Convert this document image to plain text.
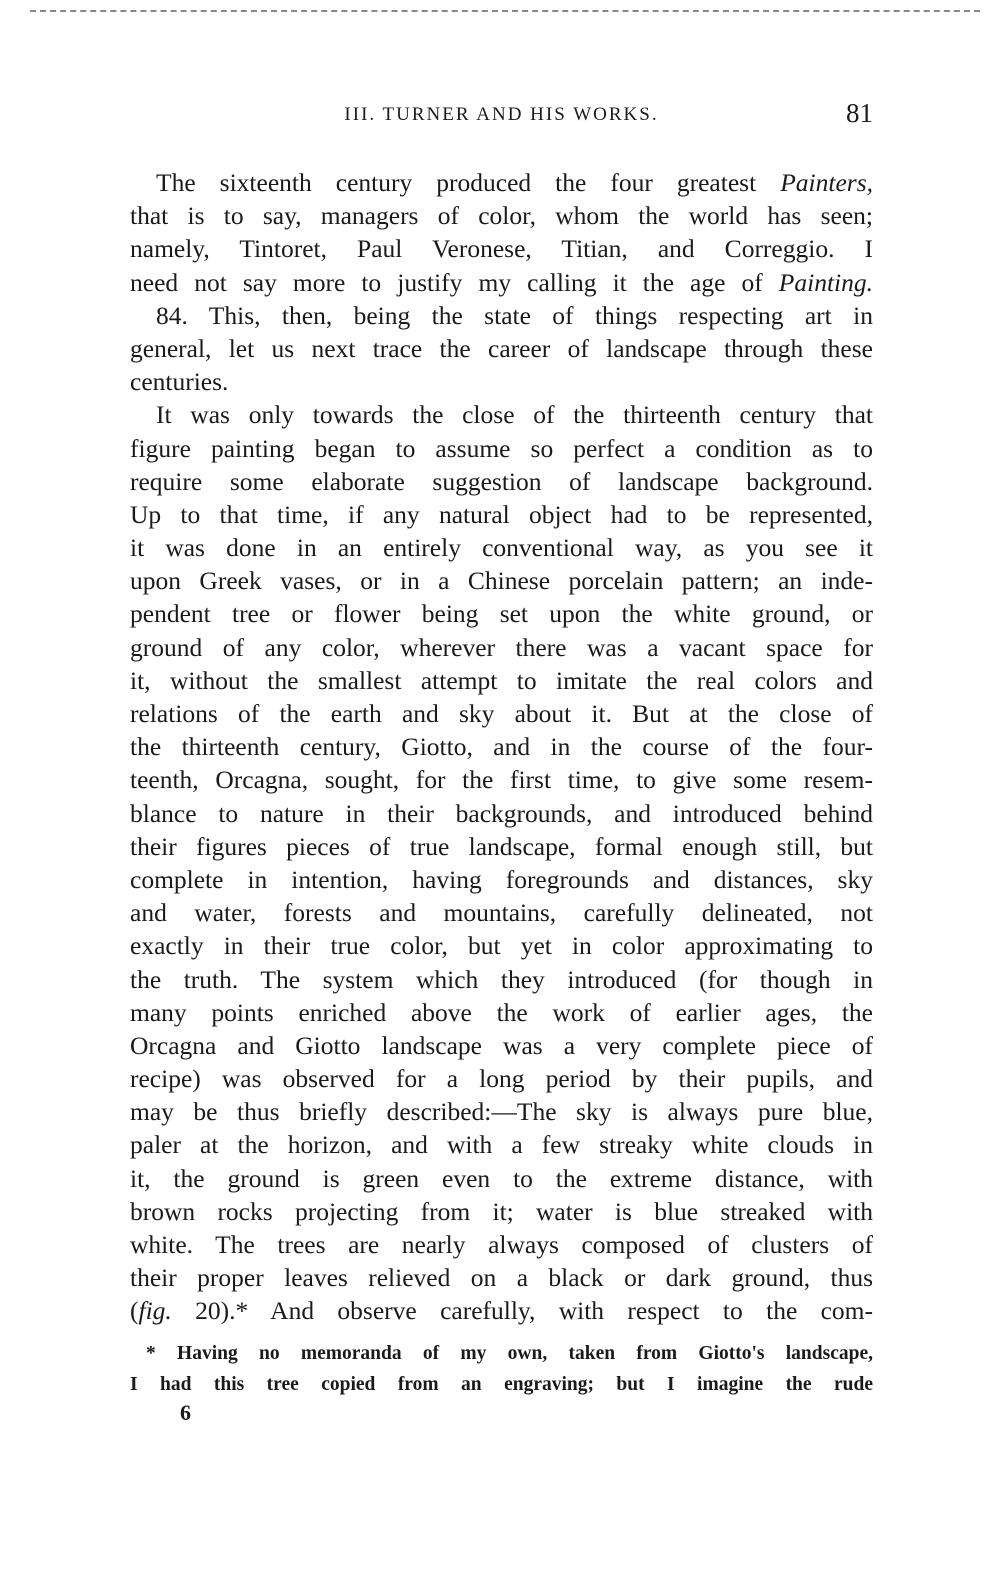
III. TURNER AND HIS WORKS.	81
The sixteenth century produced the four greatest Painters,
that is to say, managers of color, whom the world has seen;
namely, Tintoret, Paul Veronese, Titian, and Correggio. I
need not say more to justify my calling it the age of Painting.
84. This, then, being the state of things respecting art in
general, let us next trace the career of landscape through these
centuries.
It was only towards the close of the thirteenth century that
figure painting began to assume so perfect a condition as to
require some elaborate suggestion of landscape background.
Up to that time, if any natural object had to be represented,
it was done in an entirely conventional way, as you see it
upon Greek vases, or in a Chinese porcelain pattern; an inde-
pendent tree or flower being set upon the white ground, or
ground of any color, wherever there was a vacant space for
it, without the smallest attempt to imitate the real colors and
relations of the earth and sky about it. But at the close of
the thirteenth century, Giotto, and in the course of the four-
teenth, Orcagna, sought, for the first time, to give some resem-
blance to nature in their backgrounds, and introduced behind
their figures pieces of true landscape, formal enough still, but
complete in intention, having foregrounds and distances, sky
and water, forests and mountains, carefully delineated, not
exactly in their true color, but yet in color approximating to
the truth. The system which they introduced (for though in
many points enriched above the work of earlier ages, the
Orcagna and Giotto landscape was a very complete piece of
recipe) was observed for a long period by their pupils, and
may be thus briefly described:—The sky is always pure blue,
paler at the horizon, and with a few streaky white clouds in
it, the ground is green even to the extreme distance, with
brown rocks projecting from it; water is blue streaked with
white. The trees are nearly always composed of clusters of
their proper leaves relieved on a black or dark ground, thus
(fig. 20).* And observe carefully, with respect to the com-
* Having no memoranda of my own, taken from Giotto's landscape,
I had this tree copied from an engraving; but I imagine the rude
6
